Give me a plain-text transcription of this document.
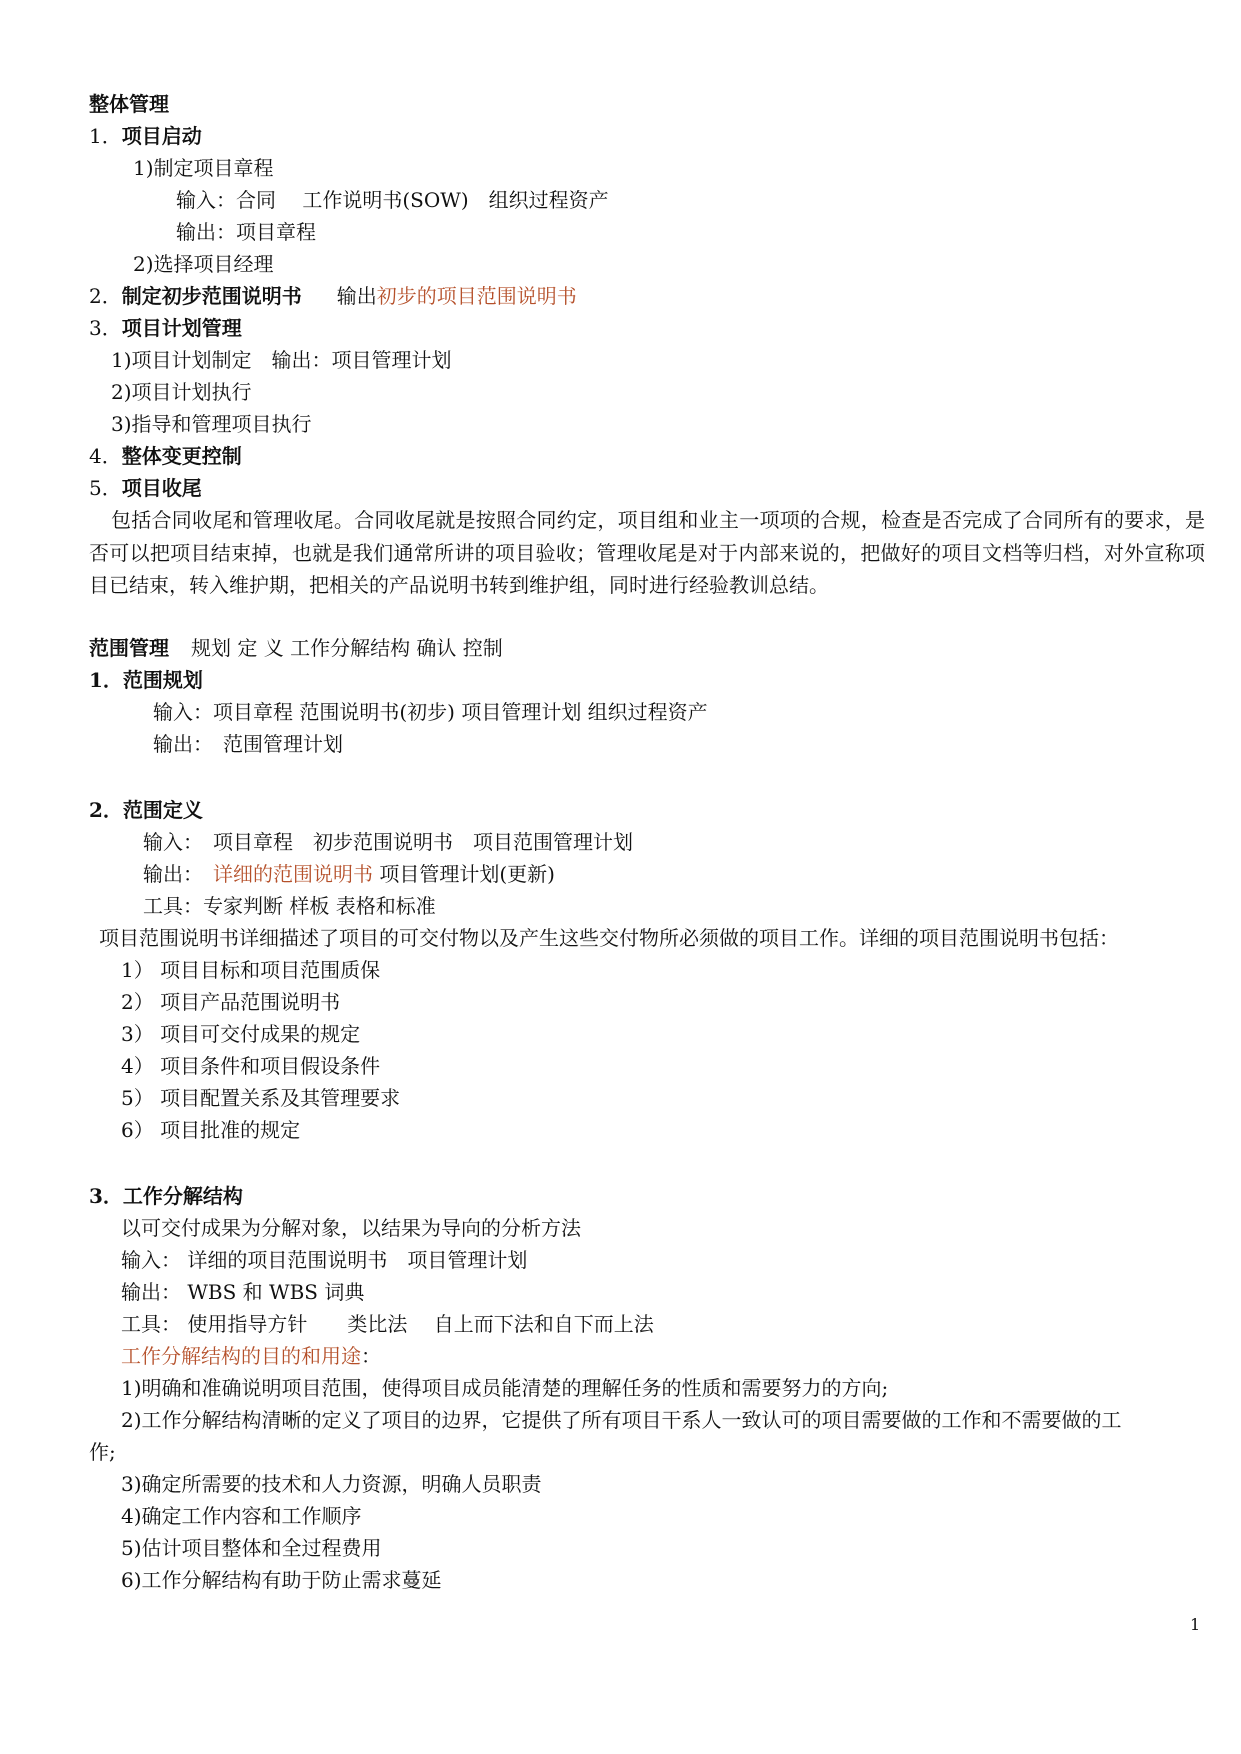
整体管理
1．项目启动
1)制定项目章程
输入：合同　 工作说明书(SOW)　组织过程资产
输出：项目章程
2)选择项目经理
2．制定初步范围说明书 输出初步的项目范围说明书
3．项目计划管理
1)项目计划制定　输出：项目管理计划
2)项目计划执行
3)指导和管理项目执行
4．整体变更控制
5．项目收尾
包括合同收尾和管理收尾。合同收尾就是按照合同约定，项目组和业主一项项的合规，检查是否完成了合同所有的要求，是否可以把项目结束掉，也就是我们通常所讲的项目验收；管理收尾是对于内部来说的，把做好的项目文档等归档，对外宣称项目已结束，转入维护期，把相关的产品说明书转到维护组，同时进行经验教训总结。
范围管理 规划 定 义 工作分解结构 确认 控制
1．范围规划
输入：项目章程 范围说明书(初步) 项目管理计划 组织过程资产
输出：　范围管理计划
2．范围定义
输入：　项目章程　初步范围说明书　项目范围管理计划
输出：　详细的范围说明书 项目管理计划(更新)
工具：专家判断 样板 表格和标准
项目范围说明书详细描述了项目的可交付物以及产生这些交付物所必须做的项目工作。详细的项目范围说明书包括：
1） 项目目标和项目范围质保
2） 项目产品范围说明书
3） 项目可交付成果的规定
4） 项目条件和项目假设条件
5） 项目配置关系及其管理要求
6） 项目批准的规定
3．工作分解结构
以可交付成果为分解对象，以结果为导向的分析方法
输入： 详细的项目范围说明书　项目管理计划
输出： WBS 和 WBS 词典
工具： 使用指导方针　　类比法　 自上而下法和自下而上法
工作分解结构的目的和用途：
1)明确和准确说明项目范围，使得项目成员能清楚的理解任务的性质和需要努力的方向;
2)工作分解结构清晰的定义了项目的边界，它提供了所有项目干系人一致认可的项目需要做的工作和不需要做的工
作;
3)确定所需要的技术和人力资源，明确人员职责
4)确定工作内容和工作顺序
5)估计项目整体和全过程费用
6)工作分解结构有助于防止需求蔓延
1
